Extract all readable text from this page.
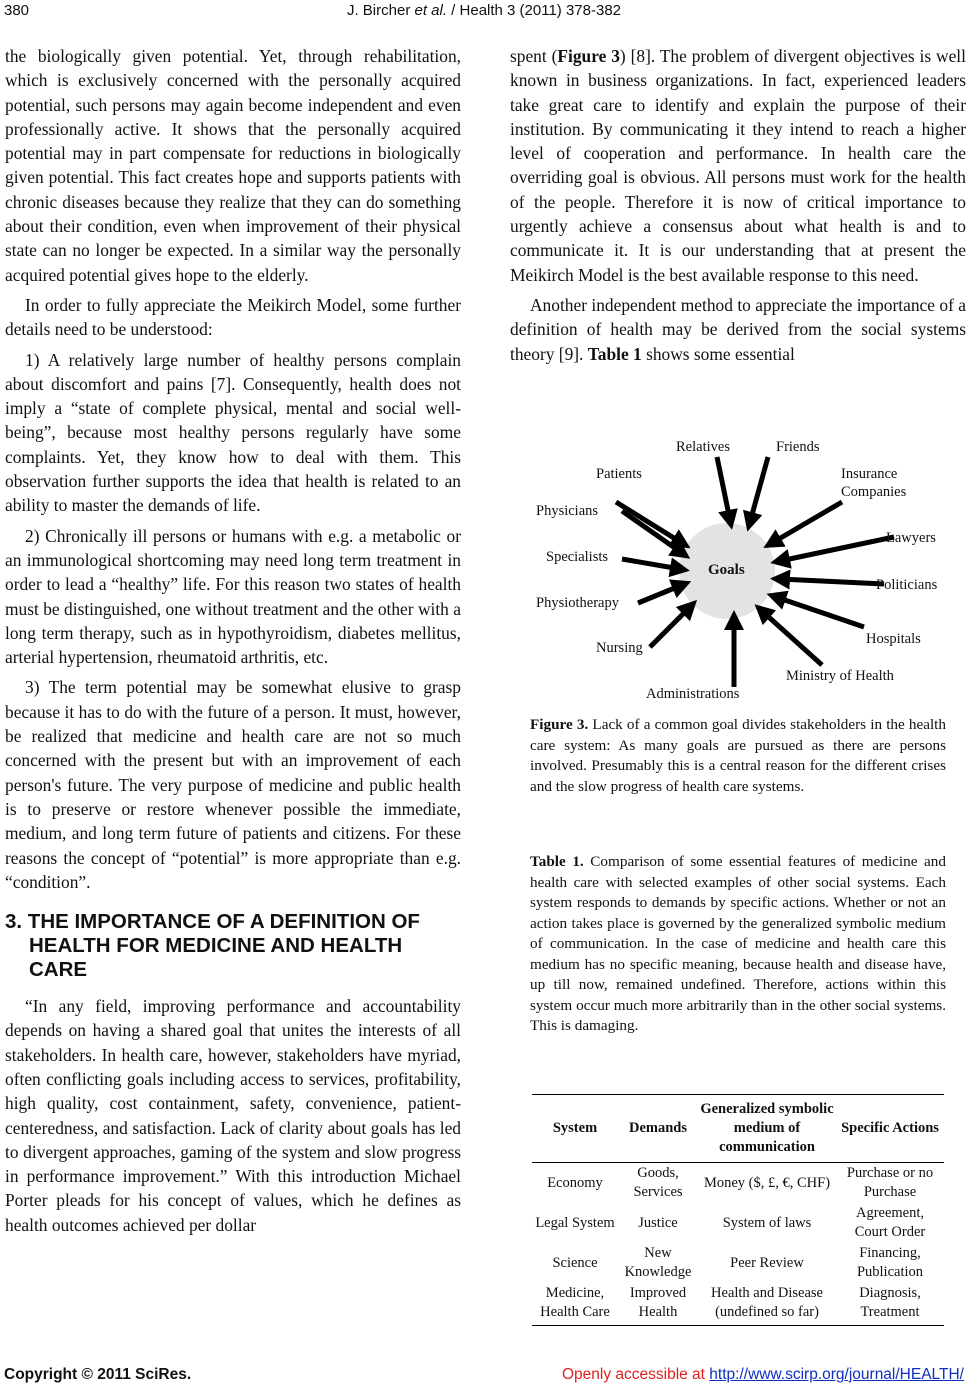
380	J. Bircher et al. / Health 3 (2011) 378-382

the biologically given potential. Yet, through rehabilitation, which is exclusively concerned with the personally acquired potential, such persons may again become independent and even professionally active. It shows that the personally acquired potential may in part compensate for reductions in biologically given potential. This fact creates hope and supports patients with chronic diseases because they realize that they can do something about their condition, even when improvement of their physical state can no longer be expected. In a similar way the personally acquired potential gives hope to the elderly.

In order to fully appreciate the Meikirch Model, some further details need to be understood:

1) A relatively large number of healthy persons complain about discomfort and pains [7]. Consequently, health does not imply a “state of complete physical, mental and social well-being”, because most healthy persons regularly have some complaints. Yet, they know how to deal with them. This observation further supports the idea that health is related to an ability to master the demands of life.

2) Chronically ill persons or humans with e.g. a metabolic or an immunological shortcoming may need long term treatment in order to lead a “healthy” life. For this reason two states of health must be distinguished, one without treatment and the other with a long term therapy, such as in hypothyroidism, diabetes mellitus, arterial hypertension, rheumatoid arthritis, etc.

3) The term potential may be somewhat elusive to grasp because it has to do with the future of a person. It must, however, be realized that medicine and health care are not so much concerned with the present but with an improvement of each person's future. The very purpose of medicine and public health is to preserve or restore whenever possible the immediate, medium, and long term future of patients and citizens. For these reasons the concept of “potential” is more appropriate than e.g. “condition”.

3. THE IMPORTANCE OF A DEFINITION OF HEALTH FOR MEDICINE AND HEALTH CARE

“In any field, improving performance and accountability depends on having a shared goal that unites the interests of all stakeholders. In health care, however, stakeholders have myriad, often conflicting goals including access to services, profitability, high quality, cost containment, safety, convenience, patient-centeredness, and satisfaction. Lack of clarity about goals has led to divergent approaches, gaming of the system and slow progress in performance improvement.” With this introduction Michael Porter pleads for his concept of values, which he defines as health outcomes achieved per dollar

spent (Figure 3) [8]. The problem of divergent objectives is well known in business organizations. In fact, experienced leaders take great care to identify and explain the purpose of their institution. By communicating it they intend to reach a higher level of cooperation and performance. In health care the overriding goal is obvious. All persons must work for the health of the people. Therefore it is now of critical importance to urgently achieve a consensus about what health is and to communicate it. It is our understanding that at present the Meikirch Model is the best available response to this need.

Another independent method to appreciate the importance of a definition of health may be derived from the social systems theory [9]. Table 1 shows some essential

Goals
Relatives	Friends
Patients	Insurance
Companies
Physicians
Lawyers
Specialists
Politicians
Physiotherapy
Hospitals
Nursing
Ministry of Health
Administrations
Figure 3. Lack of a common goal divides stakeholders in the health care system: As many goals are pursued as there are persons involved. Presumably this is a central reason for the different crises and the slow progress of health care systems.
Table 1. Comparison of some essential features of medicine and health care with selected examples of other social systems. Each system responds to demands by specific actions. Whether or not an action takes place is governed by the generalized symbolic medium of communication. In the case of medicine and health care this medium has no specific meaning, because health and disease have, up till now, remained undefined. Therefore, actions within this system occur much more arbitrarily than in the other social systems. This is damaging.
System	Demands	Generalized symbolic medium of communication	Specific Actions
Economy	Goods, Services	Money ($, £, €, CHF)	Purchase or no Purchase
Legal System	Justice	System of laws	Agreement, Court Order
Science	New Knowledge	Peer Review	Financing, Publication
Medicine, Health Care	Improved Health	Health and Disease (undefined so far)	Diagnosis, Treatment
Copyright © 2011 SciRes.	Openly accessible at http://www.scirp.org/journal/HEALTH/
